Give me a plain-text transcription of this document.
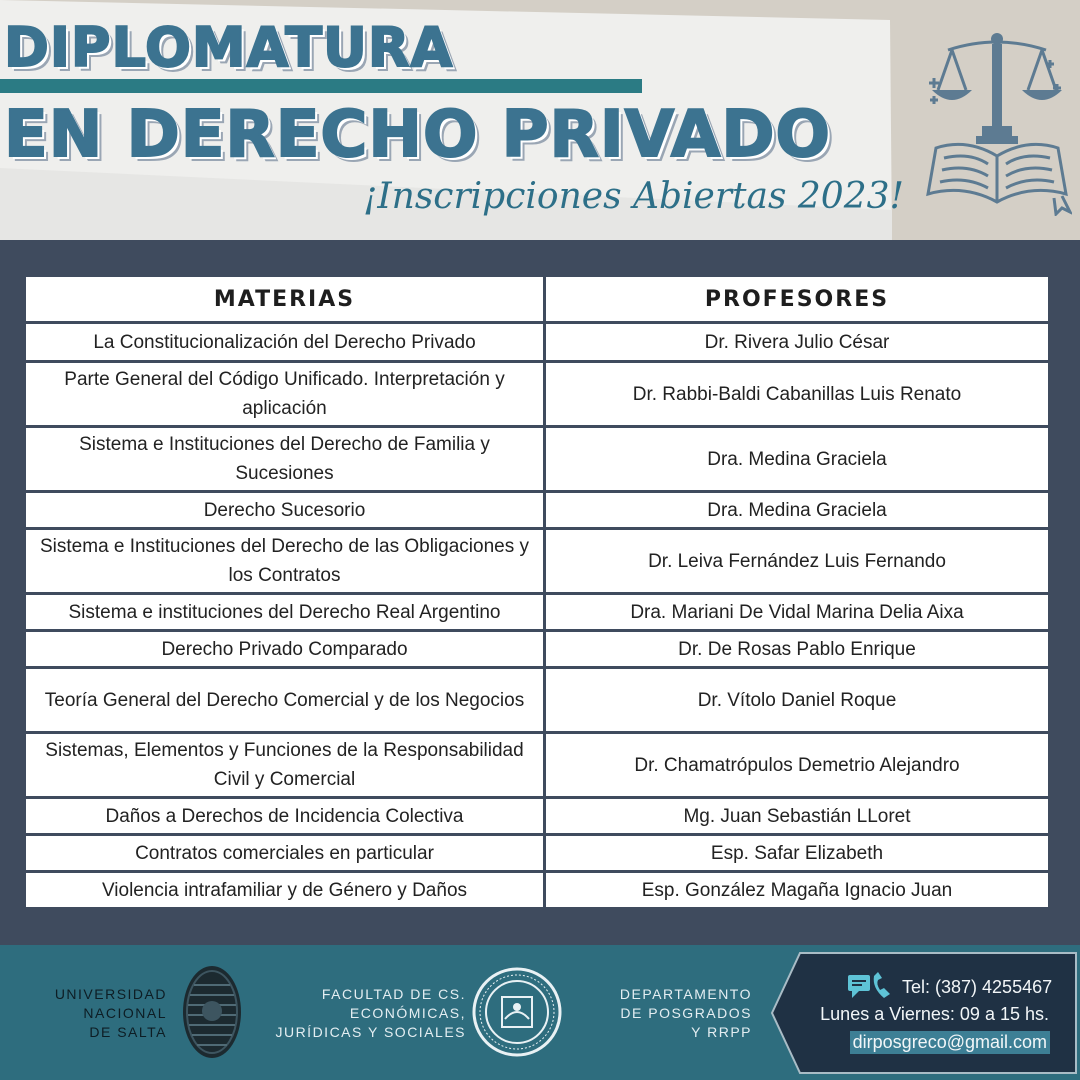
DIPLOMATURA
EN DERECHO PRIVADO
¡Inscripciones Abiertas 2023!
MATERIAS	PROFESORES
La Constitucionalización del Derecho Privado	Dr. Rivera Julio César
Parte General del Código Unificado. Interpretación y aplicación	Dr. Rabbi-Baldi Cabanillas Luis Renato
Sistema e Instituciones del Derecho de Familia y Sucesiones	Dra. Medina Graciela
Derecho Sucesorio	Dra. Medina Graciela
Sistema e Instituciones del Derecho de las Obligaciones y los Contratos	Dr. Leiva Fernández Luis Fernando
Sistema e instituciones del Derecho Real Argentino	Dra. Mariani De Vidal Marina Delia Aixa
Derecho Privado Comparado	Dr. De Rosas Pablo Enrique
Teoría General del Derecho Comercial y de los Negocios	Dr. Vítolo Daniel Roque
Sistemas, Elementos y Funciones de la Responsabilidad Civil y Comercial	Dr. Chamatrópulos Demetrio Alejandro
Daños a Derechos de Incidencia Colectiva	Mg. Juan Sebastián LLoret
Contratos comerciales en particular	Esp. Safar Elizabeth
Violencia intrafamiliar y de Género y Daños	Esp. González Magaña Ignacio Juan
UNIVERSIDAD
NACIONAL
DE SALTA
FACULTAD DE CS.
ECONÓMICAS,
JURÍDICAS Y SOCIALES
DEPARTAMENTO
DE POSGRADOS
Y RRPP
Tel: (387) 4255467
Lunes a Viernes: 09 a 15 hs.
dirposgreco@gmail.com
